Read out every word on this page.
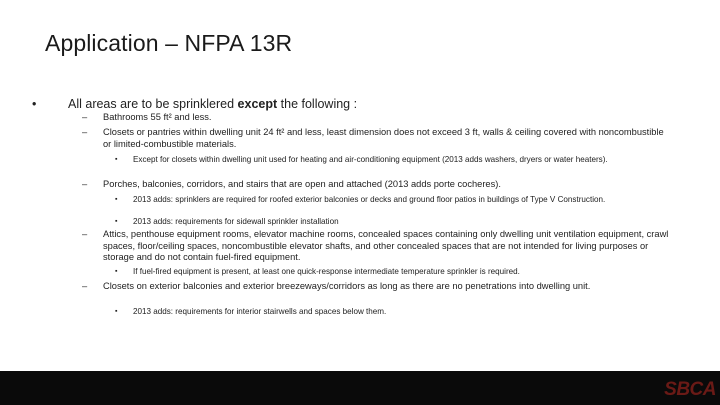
Application – NFPA 13R
•	All areas are to be sprinklered except the following :
– Bathrooms 55 ft² and less.
– Closets or pantries within dwelling unit 24 ft² and less, least dimension does not exceed 3 ft, walls & ceiling covered with noncombustible or limited-combustible materials.
▪ Except for closets within dwelling unit used for heating and air-conditioning equipment (2013 adds washers, dryers or water heaters).
– Porches, balconies, corridors, and stairs that are open and attached (2013 adds porte cocheres).
▪ 2013 adds: sprinklers are required for roofed exterior balconies or decks and ground floor patios in buildings of Type V Construction.
▪ 2013 adds: requirements for sidewall sprinkler installation
– Attics, penthouse equipment rooms, elevator machine rooms, concealed spaces containing only dwelling unit ventilation equipment, crawl spaces, floor/ceiling spaces, noncombustible elevator shafts, and other concealed spaces that are not intended for living purposes or storage and do not contain fuel-fired equipment.
▪ If fuel-fired equipment is present, at least one quick-response intermediate temperature sprinkler is required.
– Closets on exterior balconies and exterior breezeways/corridors as long as there are no penetrations into dwelling unit.
▪ 2013 adds: requirements for interior stairwells and spaces below them.
SBCA
